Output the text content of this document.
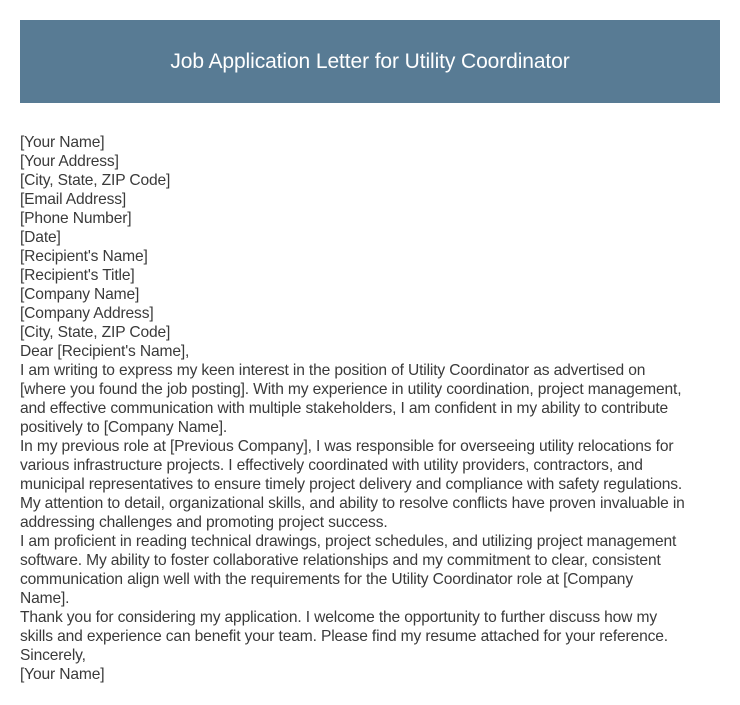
Job Application Letter for Utility Coordinator
[Your Name]
[Your Address]
[City, State, ZIP Code]
[Email Address]
[Phone Number]
[Date]
[Recipient's Name]
[Recipient's Title]
[Company Name]
[Company Address]
[City, State, ZIP Code]
Dear [Recipient's Name],
I am writing to express my keen interest in the position of Utility Coordinator as advertised on
[where you found the job posting]. With my experience in utility coordination, project management,
and effective communication with multiple stakeholders, I am confident in my ability to contribute
positively to [Company Name].
In my previous role at [Previous Company], I was responsible for overseeing utility relocations for
various infrastructure projects. I effectively coordinated with utility providers, contractors, and
municipal representatives to ensure timely project delivery and compliance with safety regulations.
My attention to detail, organizational skills, and ability to resolve conflicts have proven invaluable in
addressing challenges and promoting project success.
I am proficient in reading technical drawings, project schedules, and utilizing project management
software. My ability to foster collaborative relationships and my commitment to clear, consistent
communication align well with the requirements for the Utility Coordinator role at [Company
Name].
Thank you for considering my application. I welcome the opportunity to further discuss how my
skills and experience can benefit your team. Please find my resume attached for your reference.
Sincerely,
[Your Name]
